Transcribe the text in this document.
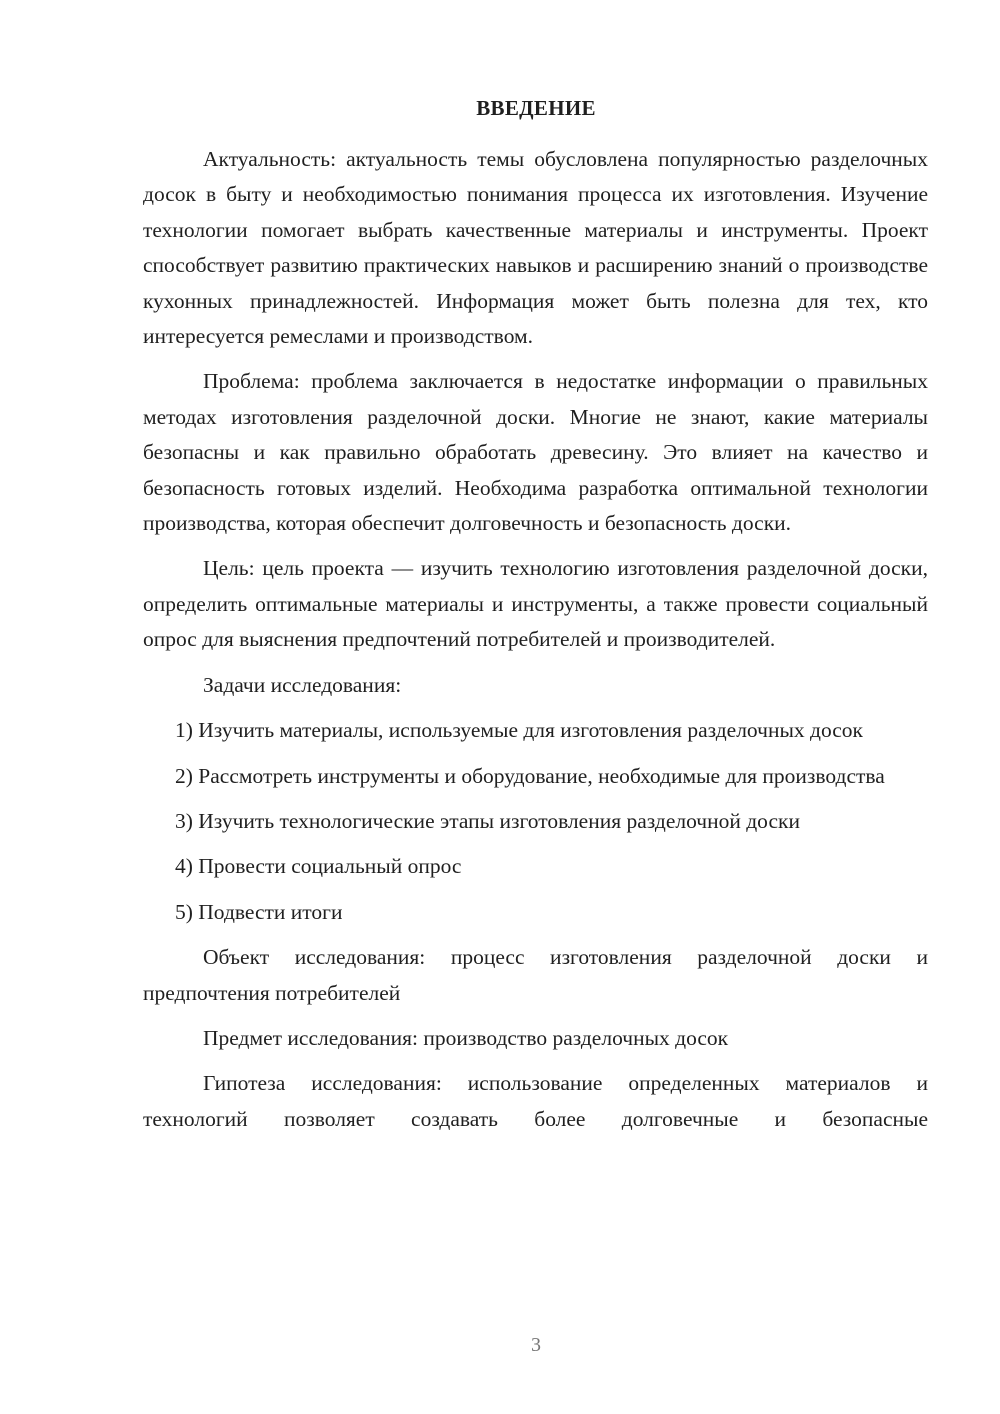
ВВЕДЕНИЕ

Актуальность: актуальность темы обусловлена популярностью разделочных досок в быту и необходимостью понимания процесса их изготовления. Изучение технологии помогает выбрать качественные материалы и инструменты. Проект способствует развитию практических навыков и расширению знаний о производстве кухонных принадлежностей. Информация может быть полезна для тех, кто интересуется ремеслами и производством.

Проблема: проблема заключается в недостатке информации о правильных методах изготовления разделочной доски. Многие не знают, какие материалы безопасны и как правильно обработать древесину. Это влияет на качество и безопасность готовых изделий. Необходима разработка оптимальной технологии производства, которая обеспечит долговечность и безопасность доски.

Цель: цель проекта — изучить технологию изготовления разделочной доски, определить оптимальные материалы и инструменты, а также провести социальный опрос для выяснения предпочтений потребителей и производителей.

Задачи исследования:

1) Изучить материалы, используемые для изготовления разделочных досок

2) Рассмотреть инструменты и оборудование, необходимые для производства

3) Изучить технологические этапы изготовления разделочной доски

4) Провести социальный опрос

5) Подвести итоги

Объект исследования: процесс изготовления разделочной доски и предпочтения потребителей

Предмет исследования: производство разделочных досок

Гипотеза исследования: использование определенных материалов и технологий позволяет создавать более долговечные и безопасные

3
